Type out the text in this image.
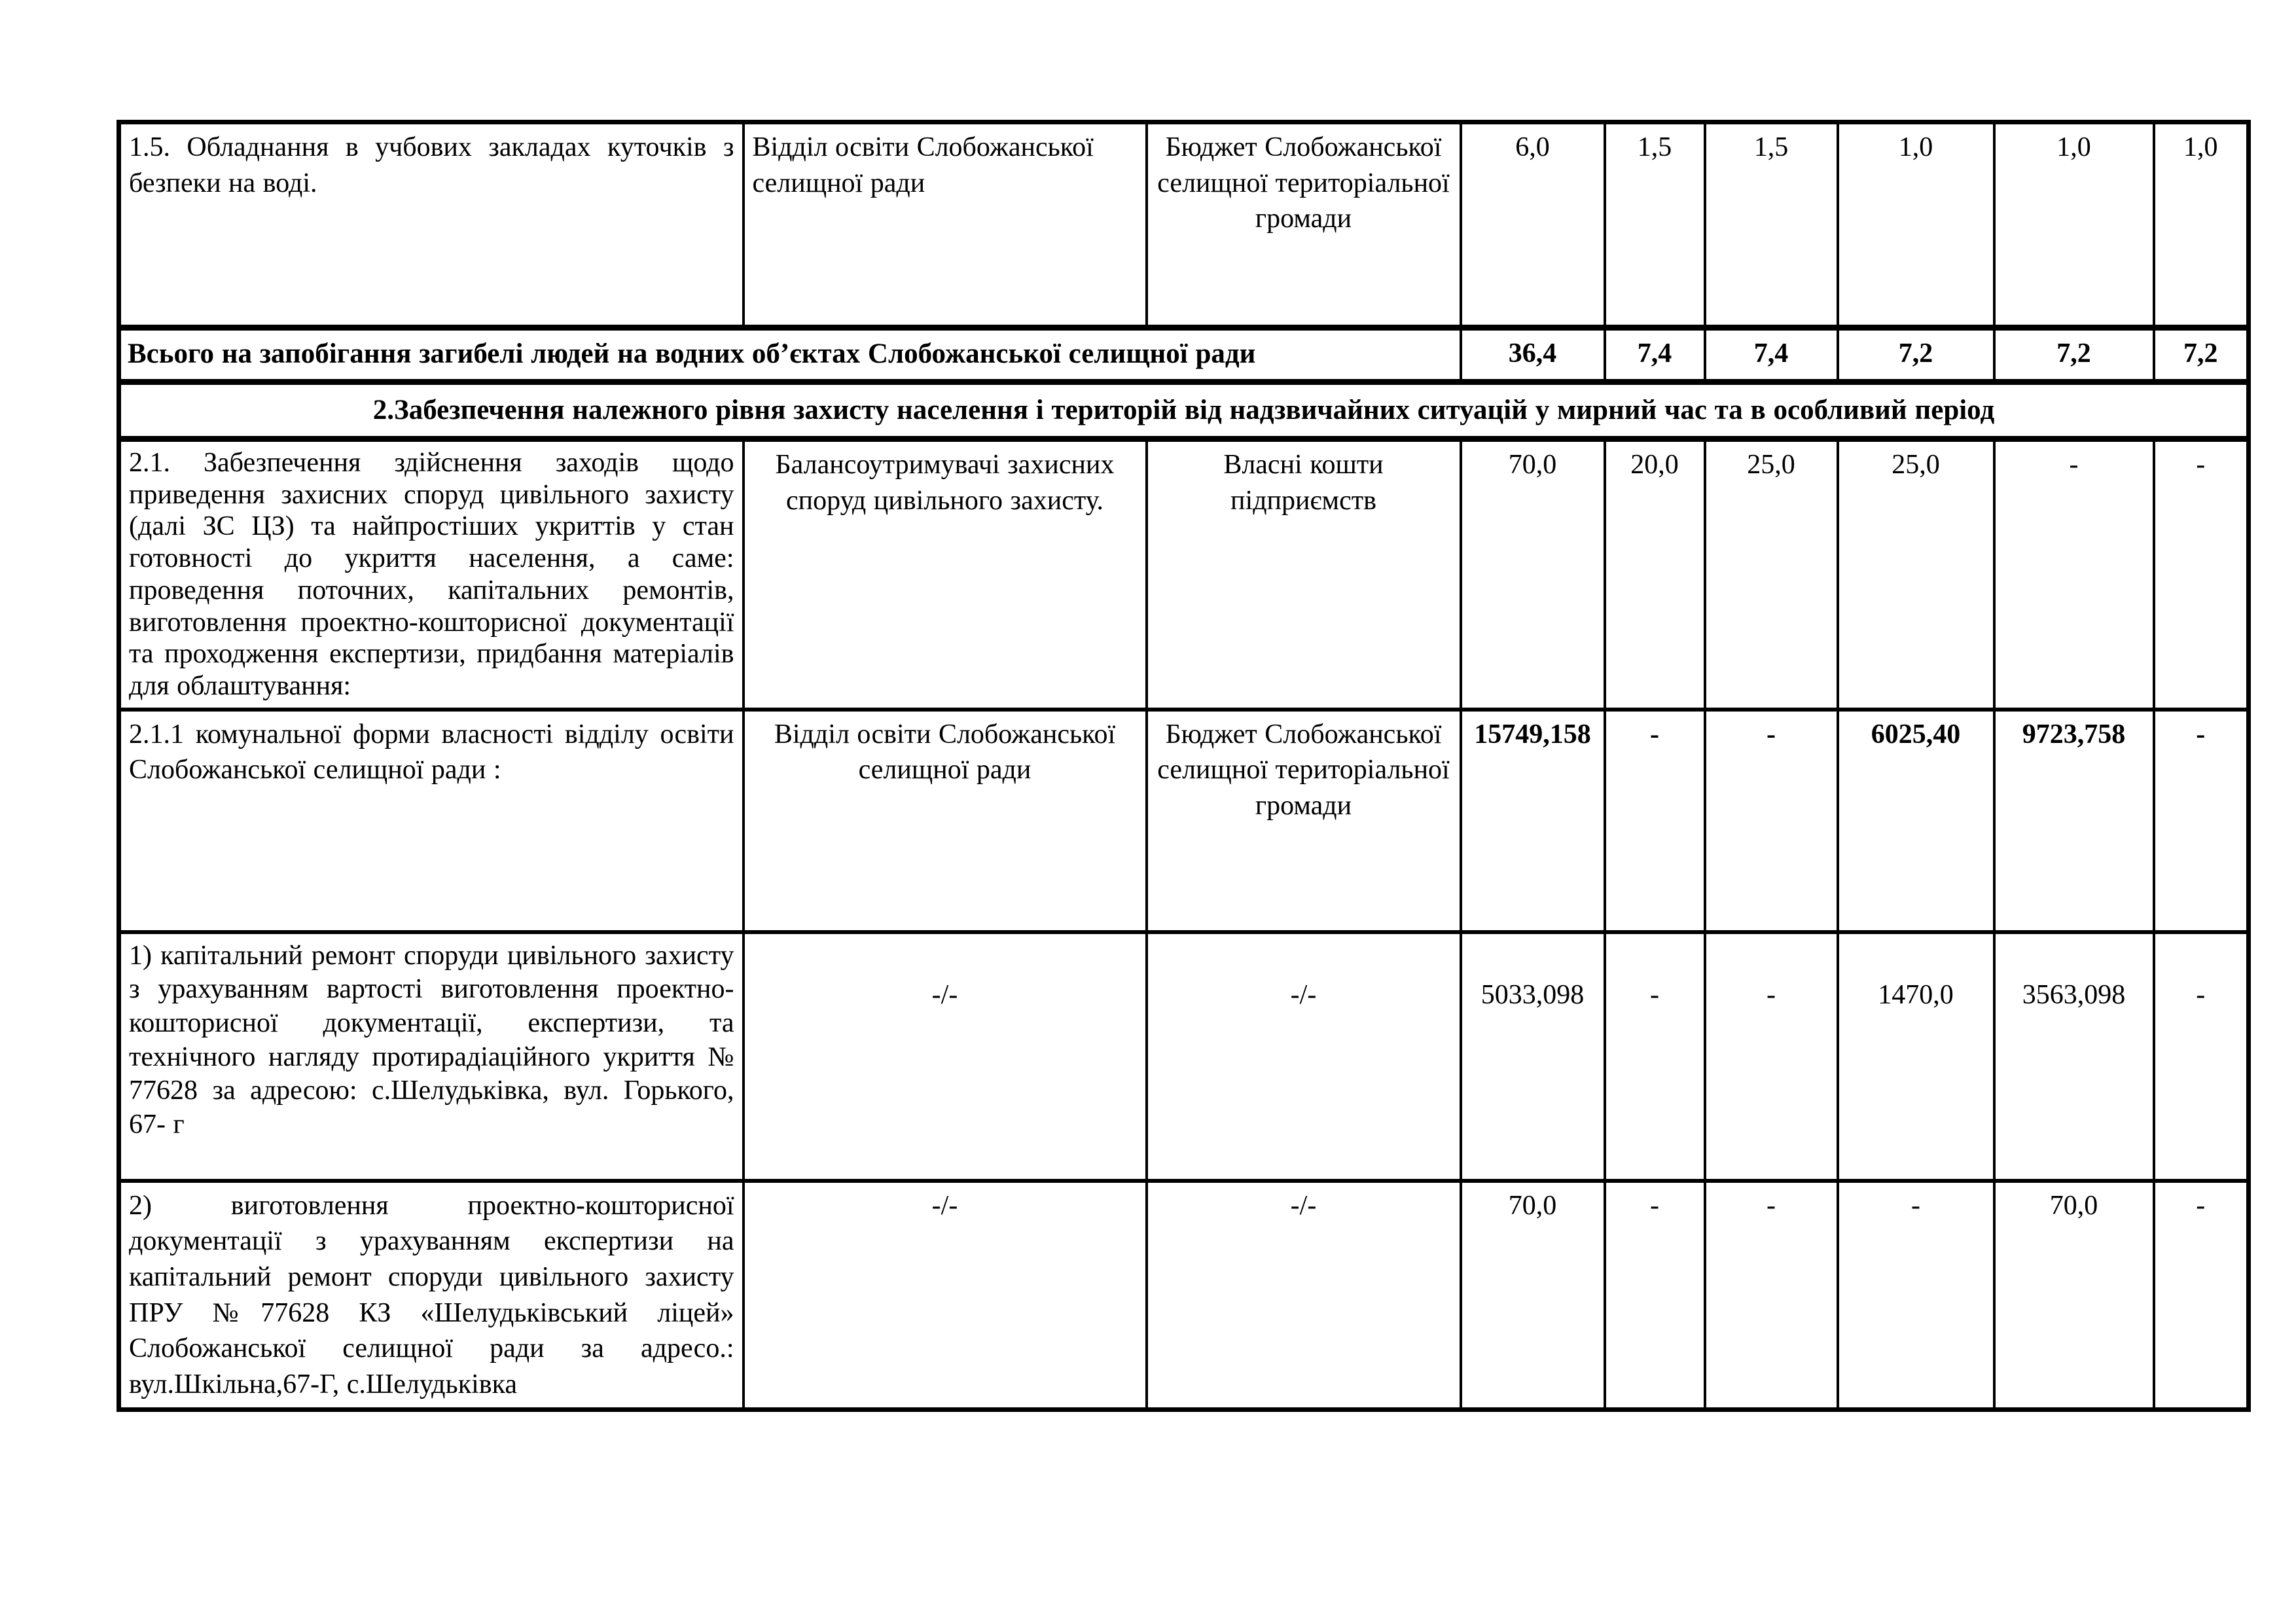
1.5. Обладнання в учбових закладах куточків з безпеки на воді.	Відділ освіти Слобожанської селищної ради	Бюджет Слобожанської селищної територіальної громади	6,0	1,5	1,5	1,0	1,0	1,0
Всього на запобігання загибелі людей на водних об’єктах Слобожанської селищної ради			36,4	7,4	7,4	7,2	7,2	7,2
2.Забезпечення належного рівня захисту населення і територій від надзвичайних ситуацій у мирний час та в особливий період								
2.1. Забезпечення здійснення заходів щодо приведення захисних споруд цивільного захисту (далі ЗС ЦЗ) та найпростіших укриттів у стан готовності до укриття населення, а саме: проведення поточних, капітальних ремонтів, виготовлення проектно-кошторисної документації та проходження експертизи, придбання матеріалів для облаштування:	Балансоутримувачі захисних споруд цивільного захисту.	Власні кошти підприємств	70,0	20,0	25,0	25,0	-	-
2.1.1 комунальної форми власності відділу освіти Слобожанської селищної ради :	Відділ освіти Слобожанської селищної ради	Бюджет Слобожанської селищної територіальної громади	15749,158	-	-	6025,40	9723,758	-
1) капітальний ремонт споруди цивільного захисту з урахуванням вартості виготовлення проектно-кошторисної документації, експертизи, та технічного нагляду протирадіаційного укриття № 77628 за адресою: с.Шелудьківка, вул. Горького, 67- г	-/-	-/-	5033,098	-	-	1470,0	3563,098	-
2) виготовлення проектно-кошторисної документації з урахуванням експертизи на капітальний ремонт споруди цивільного захисту ПРУ №77628 КЗ «Шелудьківський ліцей» Слобожанської селищної ради за адресо.: вул.Шкільна,67-Г, с.Шелудьківка	-/-	-/-	70,0	-	-	-	70,0	-
